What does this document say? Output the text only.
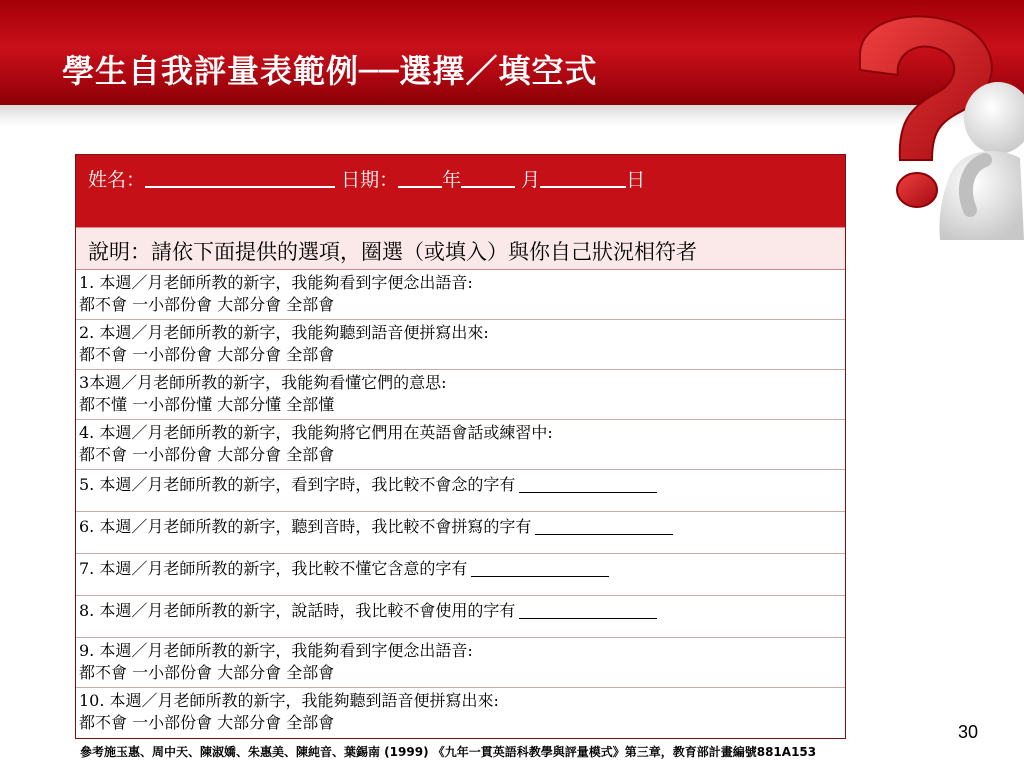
學生自我評量表範例──選擇／填空式
姓名：	日期： 年	月	日
說明：請依下面提供的選項，圈選（或填入）與你自己狀況相符者
1. 本週／月老師所教的新字，我能夠看到字便念出語音:
都不會 一小部份會 大部分會 全部會
2. 本週／月老師所教的新字，我能夠聽到語音便拼寫出來:
都不會 一小部份會 大部分會 全部會
3本週／月老師所教的新字，我能夠看懂它們的意思:
都不懂 一小部份懂 大部分懂 全部懂
4. 本週／月老師所教的新字，我能夠將它們用在英語會話或練習中:
都不會 一小部份會 大部分會 全部會
5. 本週／月老師所教的新字，看到字時，我比較不會念的字有
6. 本週／月老師所教的新字，聽到音時，我比較不會拼寫的字有
7. 本週／月老師所教的新字，我比較不懂它含意的字有
8. 本週／月老師所教的新字，說話時，我比較不會使用的字有
9. 本週／月老師所教的新字，我能夠看到字便念出語音:
都不會 一小部份會 大部分會 全部會
10. 本週／月老師所教的新字，我能夠聽到語音便拼寫出來:
都不會 一小部份會 大部分會 全部會	30
參考施玉惠、周中天、陳淑嬌、朱惠美、陳純音、葉錫南 (1999) 《九年一貫英語科教學與評量模式》第三章，教育部計畫編號881A153
